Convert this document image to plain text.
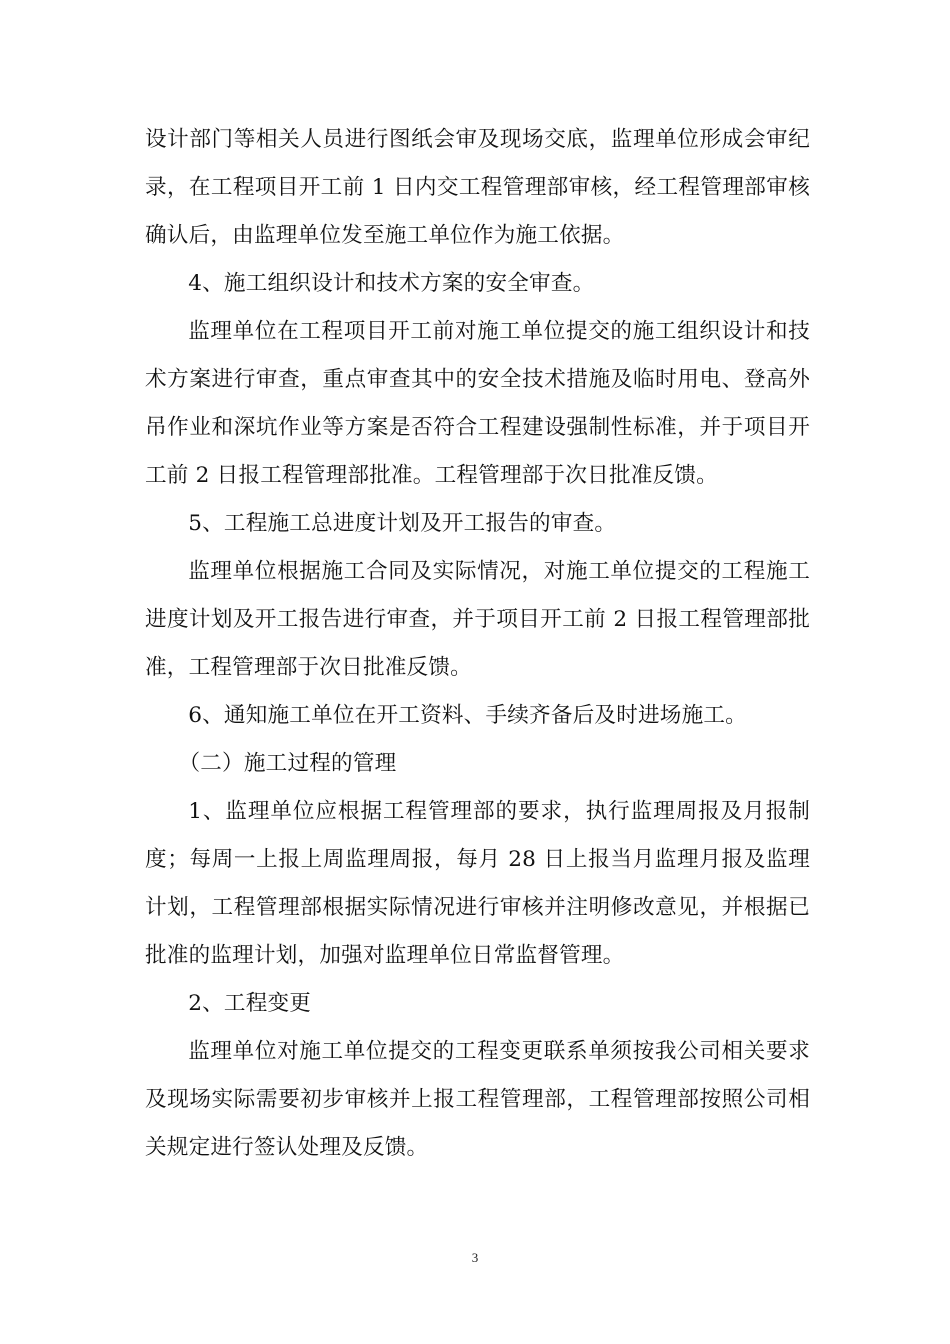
设计部门等相关人员进行图纸会审及现场交底，监理单位形成会审纪录，在工程项目开工前 1 日内交工程管理部审核，经工程管理部审核确认后，由监理单位发至施工单位作为施工依据。

4、施工组织设计和技术方案的安全审查。

监理单位在工程项目开工前对施工单位提交的施工组织设计和技术方案进行审查，重点审查其中的安全技术措施及临时用电、登高外吊作业和深坑作业等方案是否符合工程建设强制性标准，并于项目开工前 2 日报工程管理部批准。工程管理部于次日批准反馈。

5、工程施工总进度计划及开工报告的审查。

监理单位根据施工合同及实际情况，对施工单位提交的工程施工进度计划及开工报告进行审查，并于项目开工前 2 日报工程管理部批准，工程管理部于次日批准反馈。

6、通知施工单位在开工资料、手续齐备后及时进场施工。

（二）施工过程的管理

1、监理单位应根据工程管理部的要求，执行监理周报及月报制度；每周一上报上周监理周报，每月 28 日上报当月监理月报及监理计划，工程管理部根据实际情况进行审核并注明修改意见，并根据已批准的监理计划，加强对监理单位日常监督管理。

2、工程变更

监理单位对施工单位提交的工程变更联系单须按我公司相关要求及现场实际需要初步审核并上报工程管理部，工程管理部按照公司相关规定进行签认处理及反馈。

3
